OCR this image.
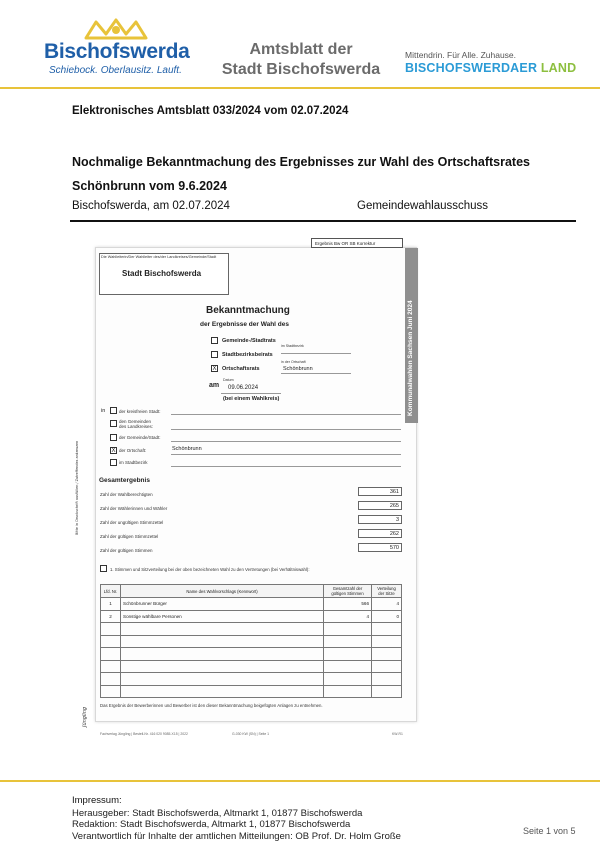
Bischofswerda
Schiebock. Oberlausitz. Lauft.
Amtsblatt der
Stadt Bischofswerda
Mittendrin. Für Alle. Zuhause.
BISCHOFSWERDAER LAND
Elektronisches Amtsblatt 033/2024 vom 02.07.2024
Nochmalige Bekanntmachung des Ergebnisses zur Wahl des Ortschaftsrates
Schönbrunn vom 9.6.2024
Bischofswerda, am 02.07.2024	Gemeindewahlausschuss
Ergebnis Bw OR SB Korrektur
Kommunalwahlen Sachsen Juni 2024
Die Wahlleiterin/Der Wahlleiter des/der Landkreises/Gemeinde/Stadt
Stadt Bischofswerda
Bekanntmachung
der Ergebnisse der Wahl des
Gemeinde-/Stadtrats
im Stadtbezirk
Stadtbezirksbeirats
X Ortschaftsrats
in der Ortschaft
Schönbrunn
am
Datum
09.06.2024
(bei einem Wahlkreis)
in	der kreisfreien Stadt:
den Gemeinden
des Landkreises:
der Gemeinde/Stadt:
X der Ortschaft:	Schönbrunn
im Stadtbezirk
Gesamtergebnis
Zahl der Wahlberechtigten	361
Zahl der Wählerinnen und Wähler	265
Zahl der ungültigen Stimmzettel	3
Zahl der gültigen Stimmzettel	262
Zahl der gültigen Stimmen	570
1. Stimmen und Sitzverteilung bei der oben bezeichneten Wahl zu den Vertretungen (bei Verhältniswahl):
Lfd. Nr.	Name des Wahlvorschlags (Kennwort)	Gesamtzahl der gültigen Stimmen	Verteilung der Sitze
1	Schönbrunner Bürger	566	4
2	Sonstige wählbare Personen	4	0

Das Ergebnis der Bewerberinnen und Bewerber ist den dieser Bekanntmachung beigefügten Anlagen zu entnehmen.
Fachverlag Jüngling | Bestell-Nr. 416 020 9085-X15 | 2022	G-030 KW (SN) | Seite 1	KW-R1
Bitte in Druckschrift ausfüllen / Zutreffendes ankreuzen
Jüngling
Impressum:
Herausgeber: Stadt Bischofswerda, Altmarkt 1, 01877 Bischofswerda
Redaktion: Stadt Bischofswerda, Altmarkt 1, 01877 Bischofswerda
Verantwortlich für Inhalte der amtlichen Mitteilungen: OB Prof. Dr. Holm Große	Seite 1 von 5
